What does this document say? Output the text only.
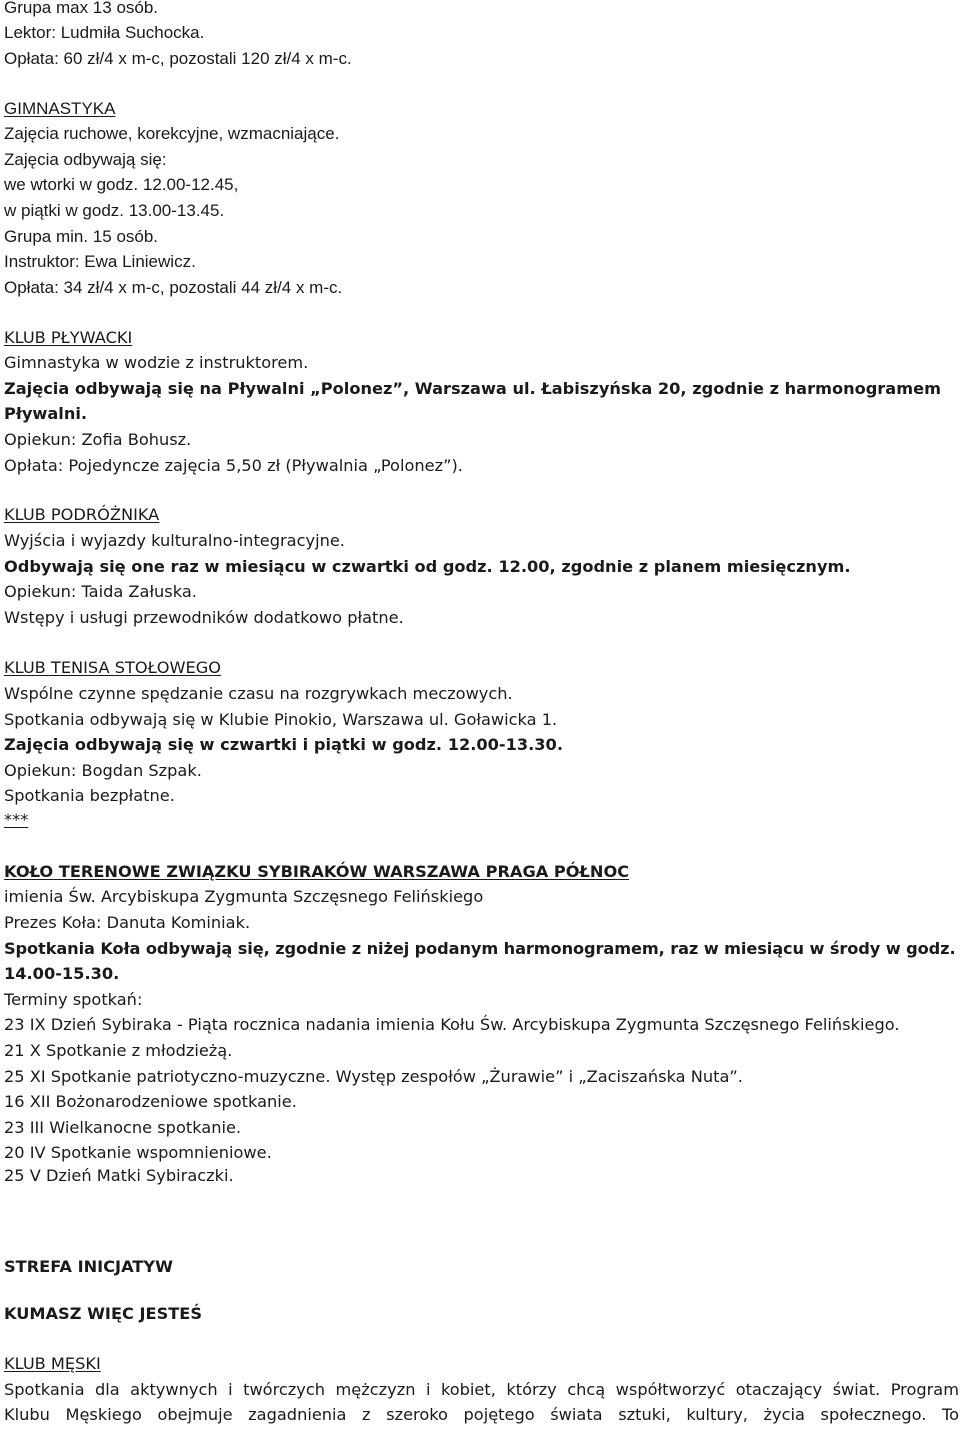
Grupa max 13 osób.

Lektor: Ludmiła Suchocka.

Opłata: 60 zł/4 x m-c, pozostali 120 zł/4 x m-c.

GIMNASTYKA

Zajęcia ruchowe, korekcyjne, wzmacniające.

Zajęcia odbywają się:

we wtorki w godz. 12.00-12.45,

w piątki w godz. 13.00-13.45.

Grupa min. 15 osób.

Instruktor: Ewa Liniewicz.

Opłata: 34 zł/4 x m-c, pozostali 44 zł/4 x m-c.

KLUB PŁYWACKI

Gimnastyka w wodzie z instruktorem.

Zajęcia odbywają się na Pływalni „Polonez”, Warszawa ul. Łabiszyńska 20, zgodnie z harmonogramem

Pływalni.

Opiekun: Zofia Bohusz.

Opłata: Pojedyncze zajęcia 5,50 zł (Pływalnia „Polonez”).

KLUB PODRÓŻNIKA

Wyjścia i wyjazdy kulturalno-integracyjne.

Odbywają się one raz w miesiącu w czwartki od godz. 12.00, zgodnie z planem miesięcznym.

Opiekun: Taida Załuska.

Wstępy i usługi przewodników dodatkowo płatne.

KLUB TENISA STOŁOWEGO

Wspólne czynne spędzanie czasu na rozgrywkach meczowych.

Spotkania odbywają się w Klubie Pinokio, Warszawa ul. Goławicka 1.

Zajęcia odbywają się w czwartki i piątki w godz. 12.00-13.30.

Opiekun: Bogdan Szpak.

Spotkania bezpłatne.

***

KOŁO TERENOWE ZWIĄZKU SYBIRAKÓW WARSZAWA PRAGA PÓŁNOC

imienia Św. Arcybiskupa Zygmunta Szczęsnego Felińskiego

Prezes Koła: Danuta Kominiak.

Spotkania Koła odbywają się, zgodnie z niżej podanym harmonogramem, raz w miesiącu w środy w godz.

14.00-15.30.

Terminy spotkań:

23 IX Dzień Sybiraka - Piąta rocznica nadania imienia Kołu Św. Arcybiskupa Zygmunta Szczęsnego Felińskiego.

21 X Spotkanie z młodzieżą.

25 XI Spotkanie patriotyczno-muzyczne. Występ zespołów „Żurawie” i „Zaciszańska Nuta”.

16 XII Bożonarodzeniowe spotkanie.

23 III Wielkanocne spotkanie.

20 IV Spotkanie wspomnieniowe.

25 V Dzień Matki Sybiraczki.

STREFA INICJATYW

KUMASZ WIĘC JESTEŚ

KLUB MĘSKI

Spotkania dla aktywnych i twórczych mężczyzn i kobiet, którzy chcą współtworzyć otaczający świat. Program

Klubu Męskiego obejmuje zagadnienia z szeroko pojętego świata sztuki, kultury, życia społecznego. To
